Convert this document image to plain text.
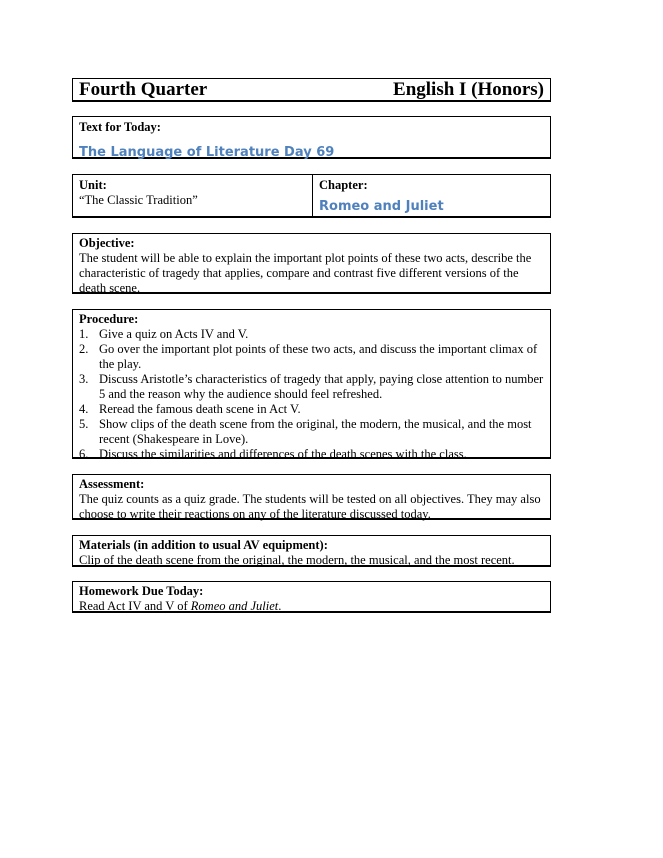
Fourth Quarter	English I (Honors)
Text for Today:
The Language of Literature Day 69
Unit:
“The Classic Tradition”
Chapter:
Romeo and Juliet
Objective:
The student will be able to explain the important plot points of these two acts, describe the characteristic of tragedy that applies, compare and contrast five different versions of the death scene.
Procedure:
1. Give a quiz on Acts IV and V.
2. Go over the important plot points of these two acts, and discuss the important climax of the play.
3. Discuss Aristotle’s characteristics of tragedy that apply, paying close attention to number 5 and the reason why the audience should feel refreshed.
4. Reread the famous death scene in Act V.
5. Show clips of the death scene from the original, the modern, the musical, and the most recent (Shakespeare in Love).
6. Discuss the similarities and differences of the death scenes with the class.
Assessment:
The quiz counts as a quiz grade. The students will be tested on all objectives. They may also choose to write their reactions on any of the literature discussed today.
Materials (in addition to usual AV equipment):
Clip of the death scene from the original, the modern, the musical, and the most recent.
Homework Due Today:
Read Act IV and V of Romeo and Juliet.
